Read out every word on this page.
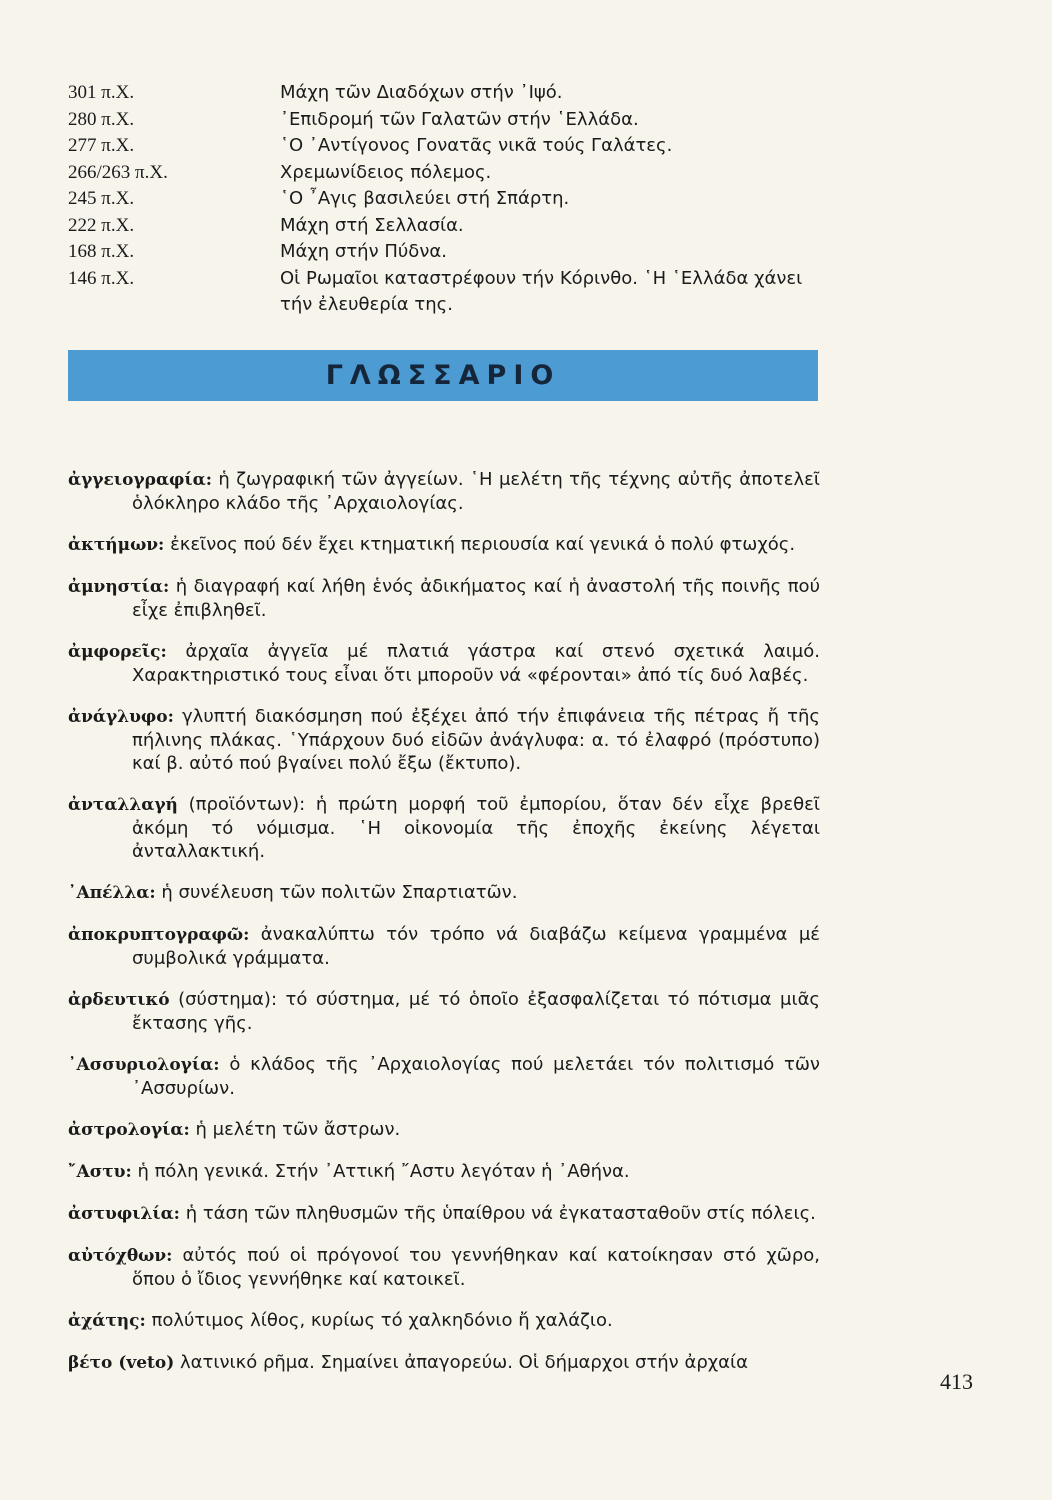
301 π.Χ.	Μάχη τῶν Διαδόχων στήν ᾿Ιψό.
280 π.Χ.	᾿Επιδρομή τῶν Γαλατῶν στήν ῾Ελλάδα.
277 π.Χ.	῾Ο ᾿Αντίγονος Γονατᾶς νικᾶ τούς Γαλάτες.
266/263 π.Χ.	Χρεμωνίδειος πόλεμος.
245 π.Χ.	῾Ο ῏Αγις βασιλεύει στή Σπάρτη.
222 π.Χ.	Μάχη στή Σελλασία.
168 π.Χ.	Μάχη στήν Πύδνα.
146 π.Χ.	Οἱ Ρωμαῖοι καταστρέφουν τήν Κόρινθο. ῾Η ῾Ελλάδα χάνει τήν ἐλευθερία της.
ΓΛΩΣΣΑΡΙΟ

ἀγγειογραφία: ἡ ζωγραφική τῶν ἀγγείων. ῾Η μελέτη τῆς τέχνης αὐτῆς ἀποτελεῖ ὁλόκληρο κλάδο τῆς ᾿Αρχαιολογίας.

ἀκτήμων: ἐκεῖνος πού δέν ἔχει κτηματική περιουσία καί γενικά ὁ πολύ φτωχός.

ἀμνηστία: ἡ διαγραφή καί λήθη ἑνός ἀδικήματος καί ἡ ἀναστολή τῆς ποινῆς πού εἶχε ἐπιβληθεῖ.

ἀμφορεῖς: ἀρχαῖα ἀγγεῖα μέ πλατιά γάστρα καί στενό σχετικά λαιμό. Χαρακτηριστικό τους εἶναι ὅτι μποροῦν νά «φέρονται» ἀπό τίς δυό λαβές.

ἀνάγλυφο: γλυπτή διακόσμηση πού ἐξέχει ἀπό τήν ἐπιφάνεια τῆς πέτρας ἤ τῆς πήλινης πλάκας. ῾Υπάρχουν δυό εἰδῶν ἀνάγλυφα: α. τό ἐλαφρό (πρόστυπο) καί β. αὐτό πού βγαίνει πολύ ἔξω (ἔκτυπο).

ἀνταλλαγή (προϊόντων): ἡ πρώτη μορφή τοῦ ἐμπορίου, ὅταν δέν εἶχε βρεθεῖ ἀκόμη τό νόμισμα. ῾Η οἰκονομία τῆς ἐποχῆς ἐκείνης λέγεται ἀνταλλακτική.

᾿Απέλλα: ἡ συνέλευση τῶν πολιτῶν Σπαρτιατῶν.

ἀποκρυπτογραφῶ: ἀνακαλύπτω τόν τρόπο νά διαβάζω κείμενα γραμμένα μέ συμβολικά γράμματα.

ἀρδευτικό (σύστημα): τό σύστημα, μέ τό ὁποῖο ἐξασφαλίζεται τό πότισμα μιᾶς ἔκτασης γῆς.

᾿Ασσυριολογία: ὁ κλάδος τῆς ᾿Αρχαιολογίας πού μελετάει τόν πολιτισμό τῶν ᾿Ασσυρίων.

ἀστρολογία: ἡ μελέτη τῶν ἄστρων.

῎Αστυ: ἡ πόλη γενικά. Στήν ᾿Αττική ῎Αστυ λεγόταν ἡ ᾿Αθήνα.

ἀστυφιλία: ἡ τάση τῶν πληθυσμῶν τῆς ὑπαίθρου νά ἐγκατασταθοῦν στίς πόλεις.

αὐτόχθων: αὐτός πού οἱ πρόγονοί του γεννήθηκαν καί κατοίκησαν στό χῶρο, ὅπου ὁ ἴδιος γεννήθηκε καί κατοικεῖ.

ἀχάτης: πολύτιμος λίθος, κυρίως τό χαλκηδόνιο ἤ χαλάζιο.

βέτο (veto) λατινικό ρῆμα. Σημαίνει ἀπαγορεύω. Οἱ δήμαρχοι στήν ἀρχαία

413
